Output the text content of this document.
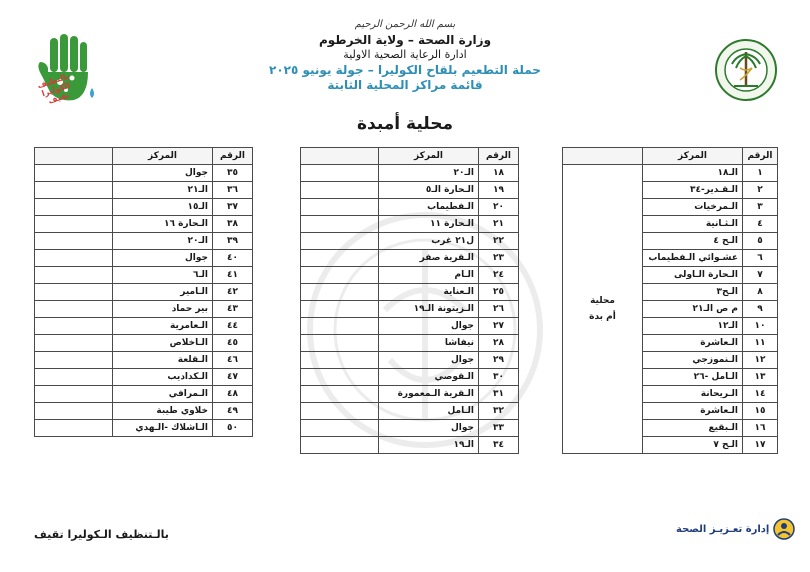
بالنظيف الكوليرا نقيف
بسم الله الرحمن الرحيم
وزارة الصحة – ولاية الخرطوم
ادارة الرعاية الصحية الاولية
حملة التطعيم بلقاح الكوليرا – جولة يونيو ٢٠٢٥
قائمة مراكز المحلية الثابتة
محلية أمبدة
	المركز	الرقم

محلية
أم بدة	الـ١٨	١
	الـقـدير-٣٤	٢
	الـمرخيات	٣
	الـثـانية	٤
	الـح ٤	٥
	عشـوائي الـفطيماب	٦
	الـحارة الـاولى	٧
	الـح٣	٨
	م ص الـ٢١	٩
	الـ١٢	١٠
	الـعاشرة	١١
	الـنموزجي	١٢
	الـامل -٢٦	١٣
	الـريحانة	١٤
	الـعاشرة	١٥
	الـبقيع	١٦
	الـح ٧	١٧
	المركز	الرقم
	الـ٢٠	١٨
	الـحارة الـ٥	١٩
	الـفطيماب	٢٠
	الـحارة ١١	٢١
	ل٢١ غرب	٢٢
	الـقرية صفر	٢٣
	الـام	٢٤
	الـعناية	٢٥
	الـزيتونة الـ١٩	٢٦
	جوال	٢٧
	نيفاشا	٢٨
	جوال	٢٩
	الـقوصي	٣٠
	الـقرية الـمعمورة	٣١
	الـامل	٣٢
	جوال	٣٣
	الـ١٩	٣٤
	المركز	الرقم
	جوال	٣٥
	الـ٢١	٣٦
	الـ١٥	٣٧
	الـحارة ١٦	٣٨
	الـ٢٠	٣٩
	جوال	٤٠
	الـ٦	٤١
	الـامير	٤٢
	بير حماد	٤٣
	الـعامرية	٤٤
	الـاخلاص	٤٥
	الـقلعة	٤٦
	الـكداديب	٤٧
	الـمرافي	٤٨
	خلاوي طيبة	٤٩
	الـاشلاك -الـهدي	٥٠
بالـتنظيف الـكوليرا تقيف	إدارة تعـزيـز الصحة
